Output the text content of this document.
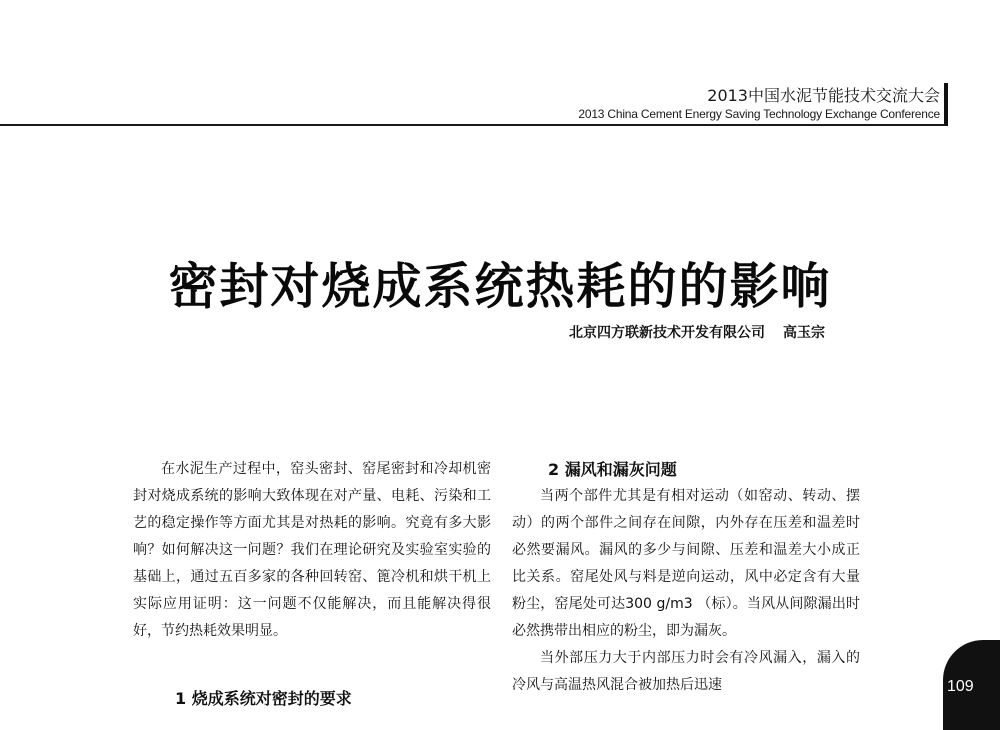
2013中国水泥节能技术交流大会
2013 China Cement Energy Saving Technology Exchange Conference
密封对烧成系统热耗的的影响
北京四方联新技术开发有限公司 高玉宗

在水泥生产过程中，窑头密封、窑尾密封和冷却机密封对烧成系统的影响大致体现在对产量、电耗、污染和工艺的稳定操作等方面尤其是对热耗的影响。究竟有多大影响？如何解决这一问题？我们在理论研究及实验室实验的基础上，通过五百多家的各种回转窑、篦冷机和烘干机上实际应用证明：这一问题不仅能解决，而且能解决得很好，节约热耗效果明显。

1 烧成系统对密封的要求
2 漏风和漏灰问题

当两个部件尤其是有相对运动（如窑动、转动、摆动）的两个部件之间存在间隙，内外存在压差和温差时必然要漏风。漏风的多少与间隙、压差和温差大小成正比关系。窑尾处风与料是逆向运动，风中必定含有大量粉尘，窑尾处可达300 g/m3 （标）。当风从间隙漏出时必然携带出相应的粉尘，即为漏灰。

当外部压力大于内部压力时会有冷风漏入，漏入的冷风与高温热风混合被加热后迅速	109
